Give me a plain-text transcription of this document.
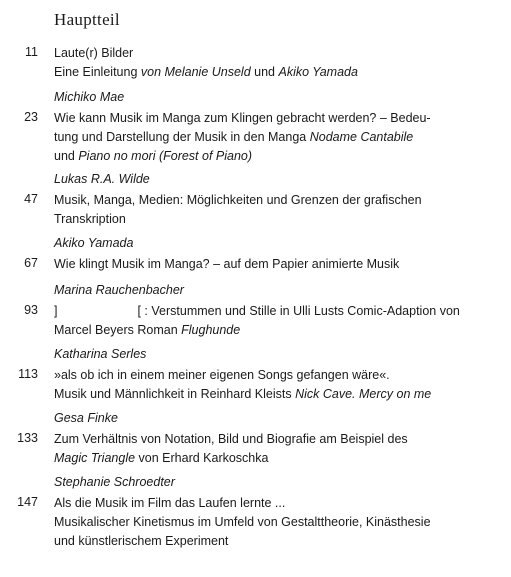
Hauptteil
11 Laute(r) Bilder
Eine Einleitung von Melanie Unseld und Akiko Yamada
Michiko Mae
23 Wie kann Musik im Manga zum Klingen gebracht werden? – Bedeu-
tung und Darstellung der Musik in den Manga Nodame Cantabile
und Piano no mori (Forest of Piano)
Lukas R.A. Wilde
47 Musik, Manga, Medien: Möglichkeiten und Grenzen der grafischen
Transkription
Akiko Yamada
67 Wie klingt Musik im Manga? – auf dem Papier animierte Musik
Marina Rauchenbacher
93 ]	[ : Verstummen und Stille in Ulli Lusts Comic-Adaption von
Marcel Beyers Roman Flughunde
Katharina Serles
113 »als ob ich in einem meiner eigenen Songs gefangen wäre«.
Musik und Männlichkeit in Reinhard Kleists Nick Cave. Mercy on me
Gesa Finke
133 Zum Verhältnis von Notation, Bild und Biografie am Beispiel des
Magic Triangle von Erhard Karkoschka
Stephanie Schroedter
147 Als die Musik im Film das Laufen lernte ...
Musikalischer Kinetismus im Umfeld von Gestalttheorie, Kinästhesie
und künstlerischem Experiment
